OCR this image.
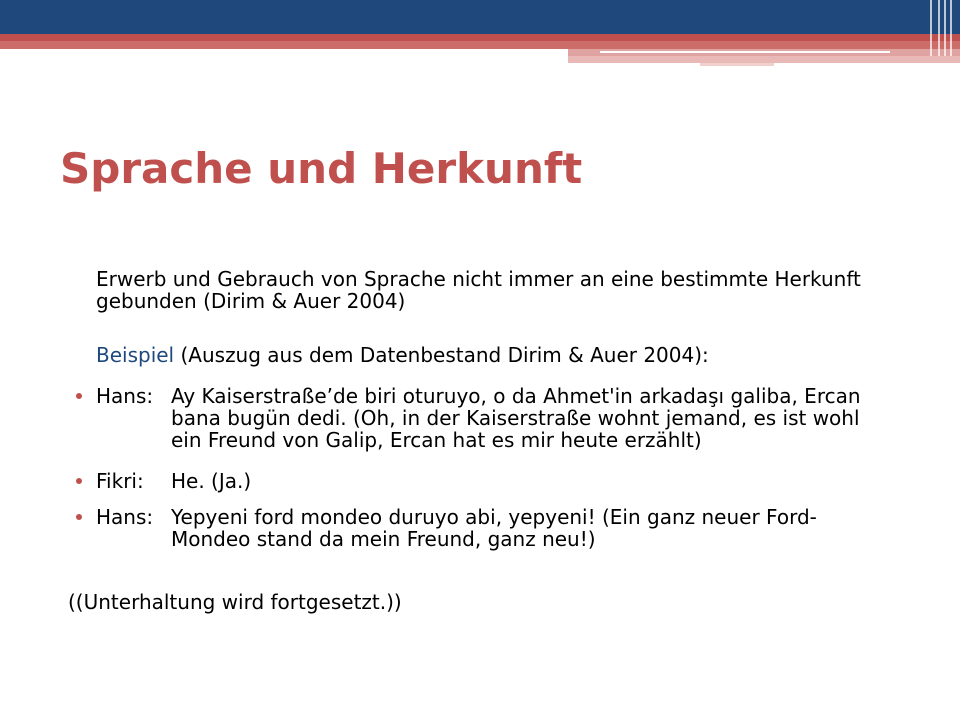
Sprache und Herkunft
Erwerb und Gebrauch von Sprache nicht immer an eine bestimmte Herkunft gebunden (Dirim & Auer 2004)
Beispiel (Auszug aus dem Datenbestand Dirim & Auer 2004):
Hans: Ay Kaiserstraße’de biri oturuyo, o da Ahmet'in arkadaşı galiba, Ercan bana bugün dedi. (Oh, in der Kaiserstraße wohnt jemand, es ist wohl ein Freund von Galip, Ercan hat es mir heute erzählt)
Fikri: He. (Ja.)
Hans: Yepyeni ford mondeo duruyo abi, yepyeni! (Ein ganz neuer Ford-Mondeo stand da mein Freund, ganz neu!)
((Unterhaltung wird fortgesetzt.))
